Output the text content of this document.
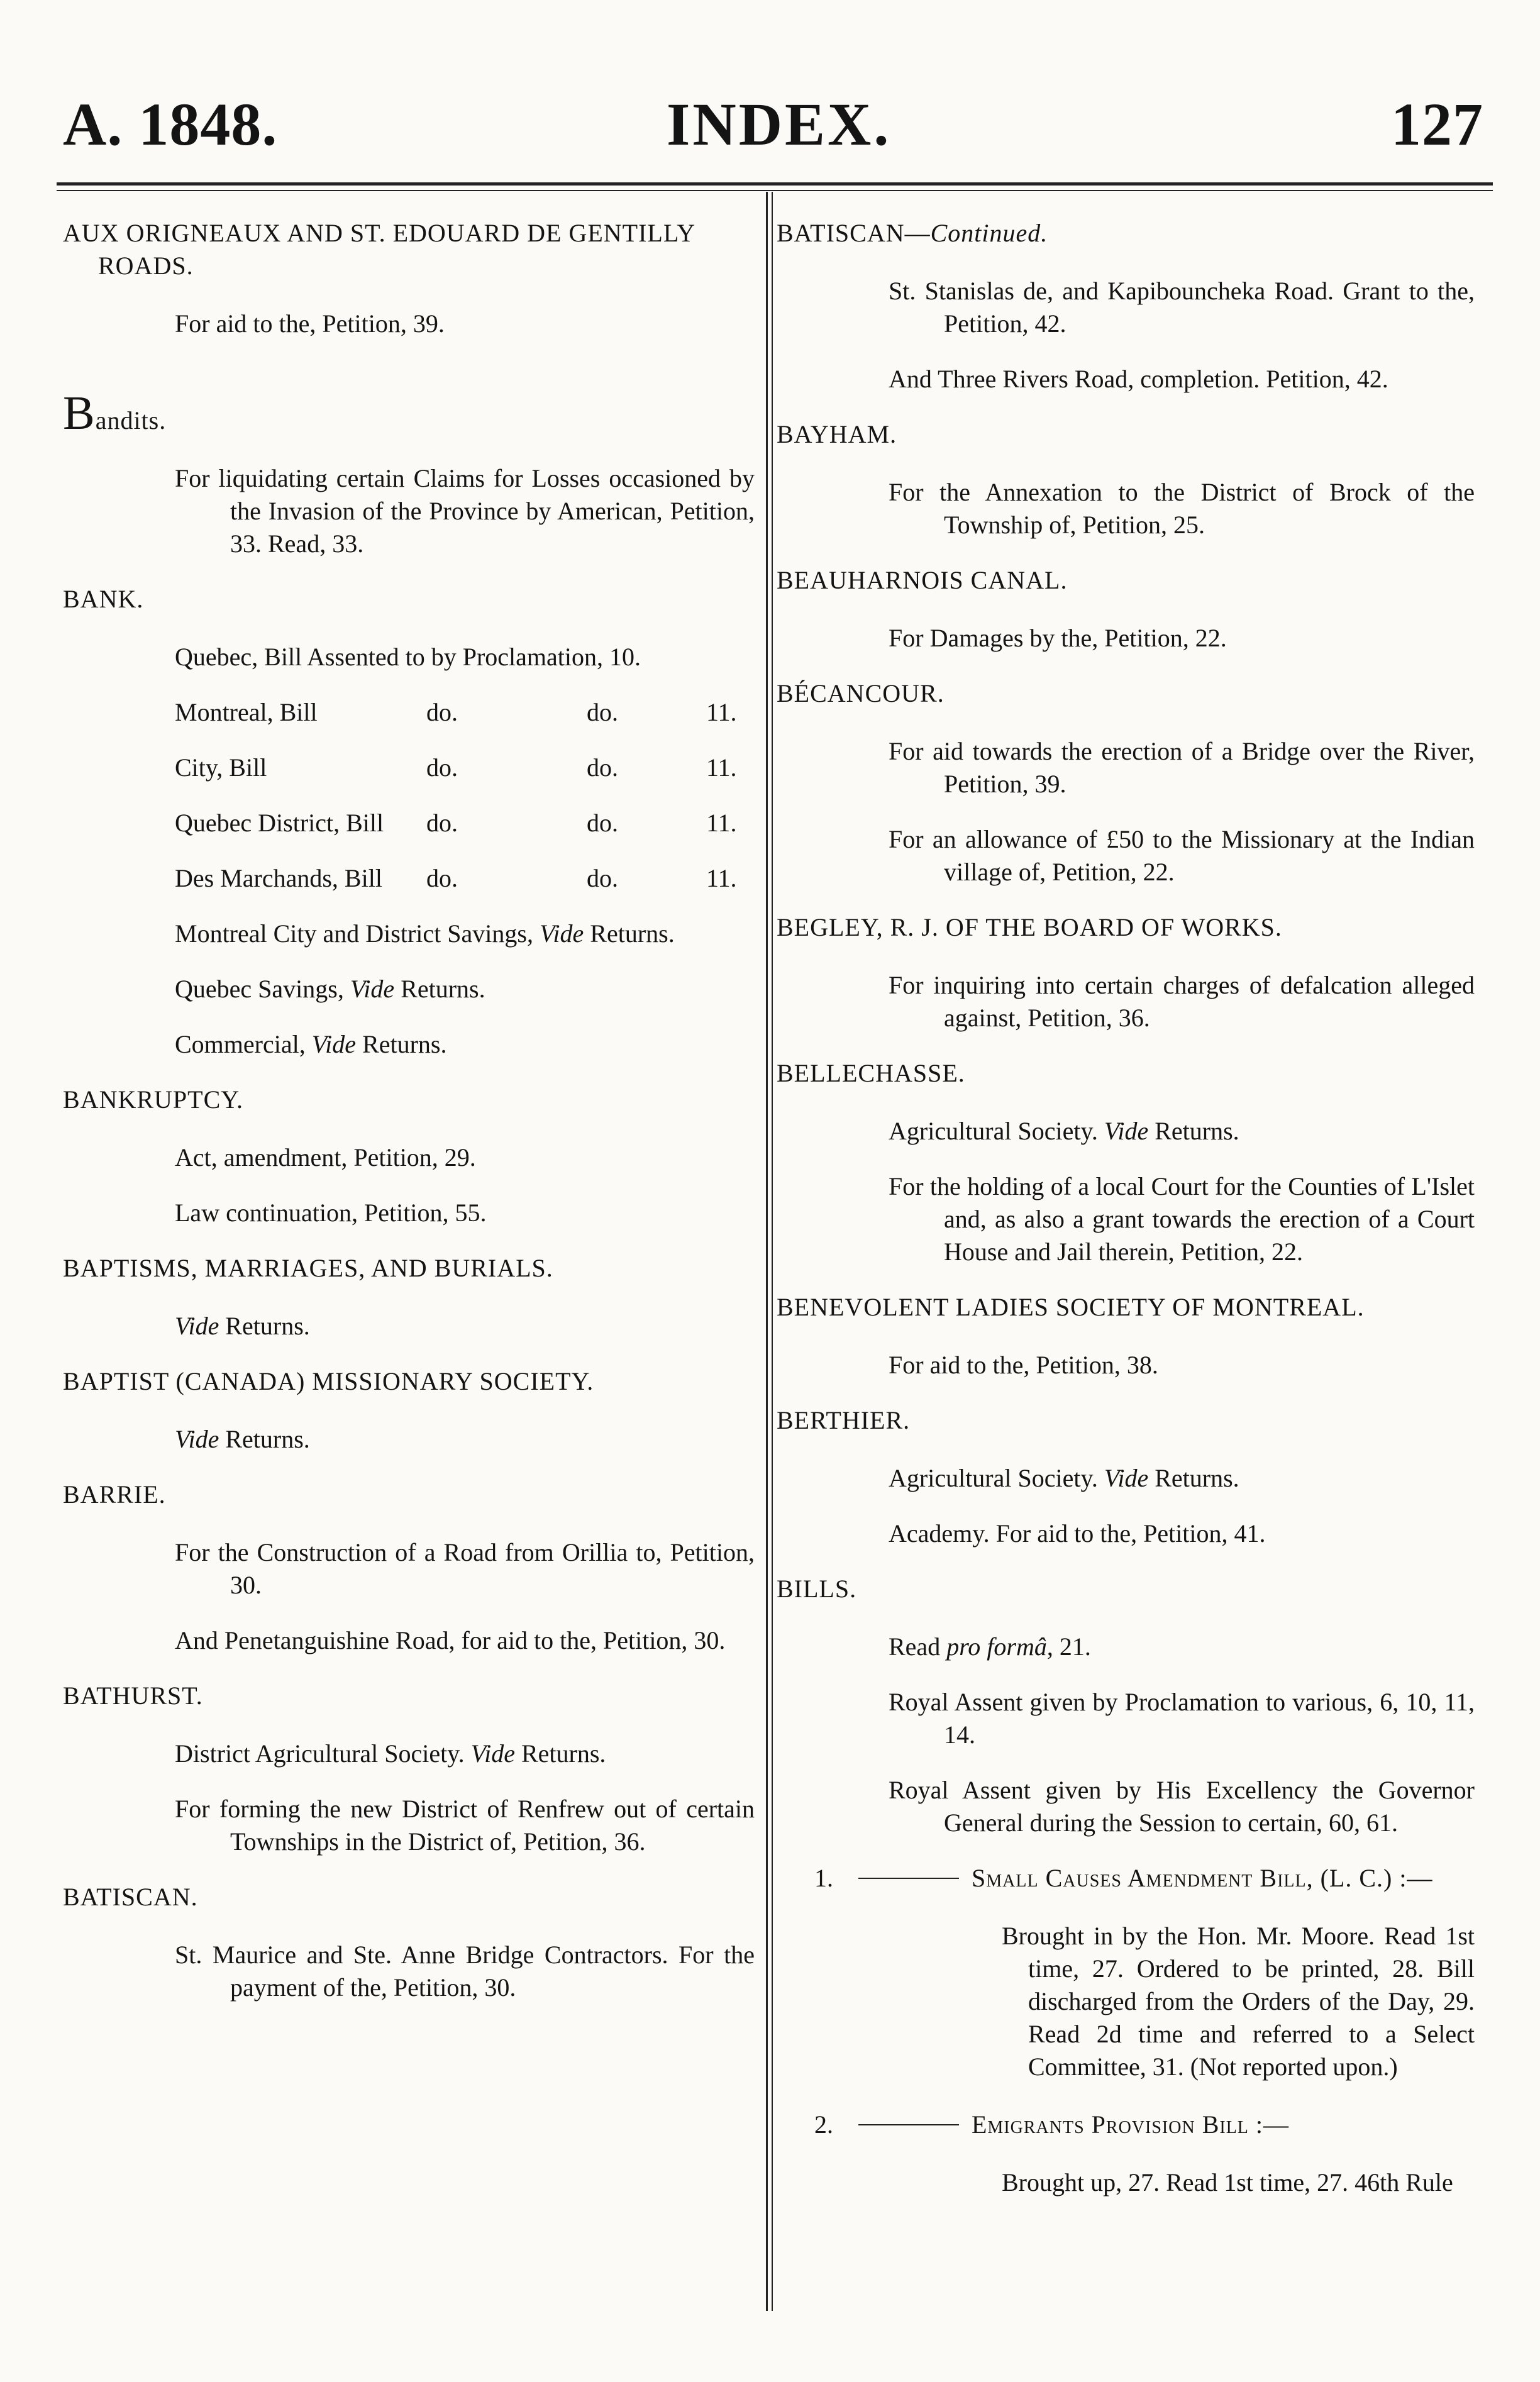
A. 1848.	INDEX.	127
AUX ORIGNEAUX AND ST. EDOUARD DE GENTILLY ROADS.
For aid to the, Petition, 39.
Bandits.
For liquidating certain Claims for Losses occasioned by the Invasion of the Province by American, Petition, 33. Read, 33.
BANK.
Quebec, Bill Assented to by Proclamation, 10.
Montreal, Bill	do.	do.	11.
City, Bill	do.	do.	11.
Quebec District, Bill	do.	do.	11.
Des Marchands, Bill	do.	do.	11.
Montreal City and District Savings, Vide Returns.
Quebec Savings, Vide Returns.
Commercial, Vide Returns.
BANKRUPTCY.
Act, amendment, Petition, 29.
Law continuation, Petition, 55.
BAPTISMS, MARRIAGES, AND BURIALS.
Vide Returns.
BAPTIST (CANADA) MISSIONARY SOCIETY.
Vide Returns.
BARRIE.
For the Construction of a Road from Orillia to, Petition, 30.
And Penetanguishine Road, for aid to the, Petition, 30.
BATHURST.
District Agricultural Society. Vide Returns.
For forming the new District of Renfrew out of certain Townships in the District of, Petition, 36.
BATISCAN.
St. Maurice and Ste. Anne Bridge Contractors. For the payment of the, Petition, 30.
BATISCAN—Continued.
St. Stanislas de, and Kapibouncheka Road. Grant to the, Petition, 42.
And Three Rivers Road, completion. Petition, 42.
BAYHAM.
For the Annexation to the District of Brock of the Township of, Petition, 25.
BEAUHARNOIS CANAL.
For Damages by the, Petition, 22.
BÉCANCOUR.
For aid towards the erection of a Bridge over the River, Petition, 39.
For an allowance of £50 to the Missionary at the Indian village of, Petition, 22.
BEGLEY, R. J. OF THE BOARD OF WORKS.
For inquiring into certain charges of defalcation alleged against, Petition, 36.
BELLECHASSE.
Agricultural Society. Vide Returns.
For the holding of a local Court for the Counties of L'Islet and, as also a grant towards the erection of a Court House and Jail therein, Petition, 22.
BENEVOLENT LADIES SOCIETY OF MONTREAL.
For aid to the, Petition, 38.
BERTHIER.
Agricultural Society. Vide Returns.
Academy. For aid to the, Petition, 41.
BILLS.
Read pro formâ, 21.
Royal Assent given by Proclamation to various, 6, 10, 11, 14.
Royal Assent given by His Excellency the Governor General during the Session to certain, 60, 61.
1.	Small Causes Amendment Bill, (L. C.) :—
Brought in by the Hon. Mr. Moore. Read 1st time, 27. Ordered to be printed, 28. Bill discharged from the Orders of the Day, 29. Read 2d time and referred to a Select Committee, 31. (Not reported upon.)
2.	Emigrants Provision Bill :—
Brought up, 27. Read 1st time, 27. 46th Rule
